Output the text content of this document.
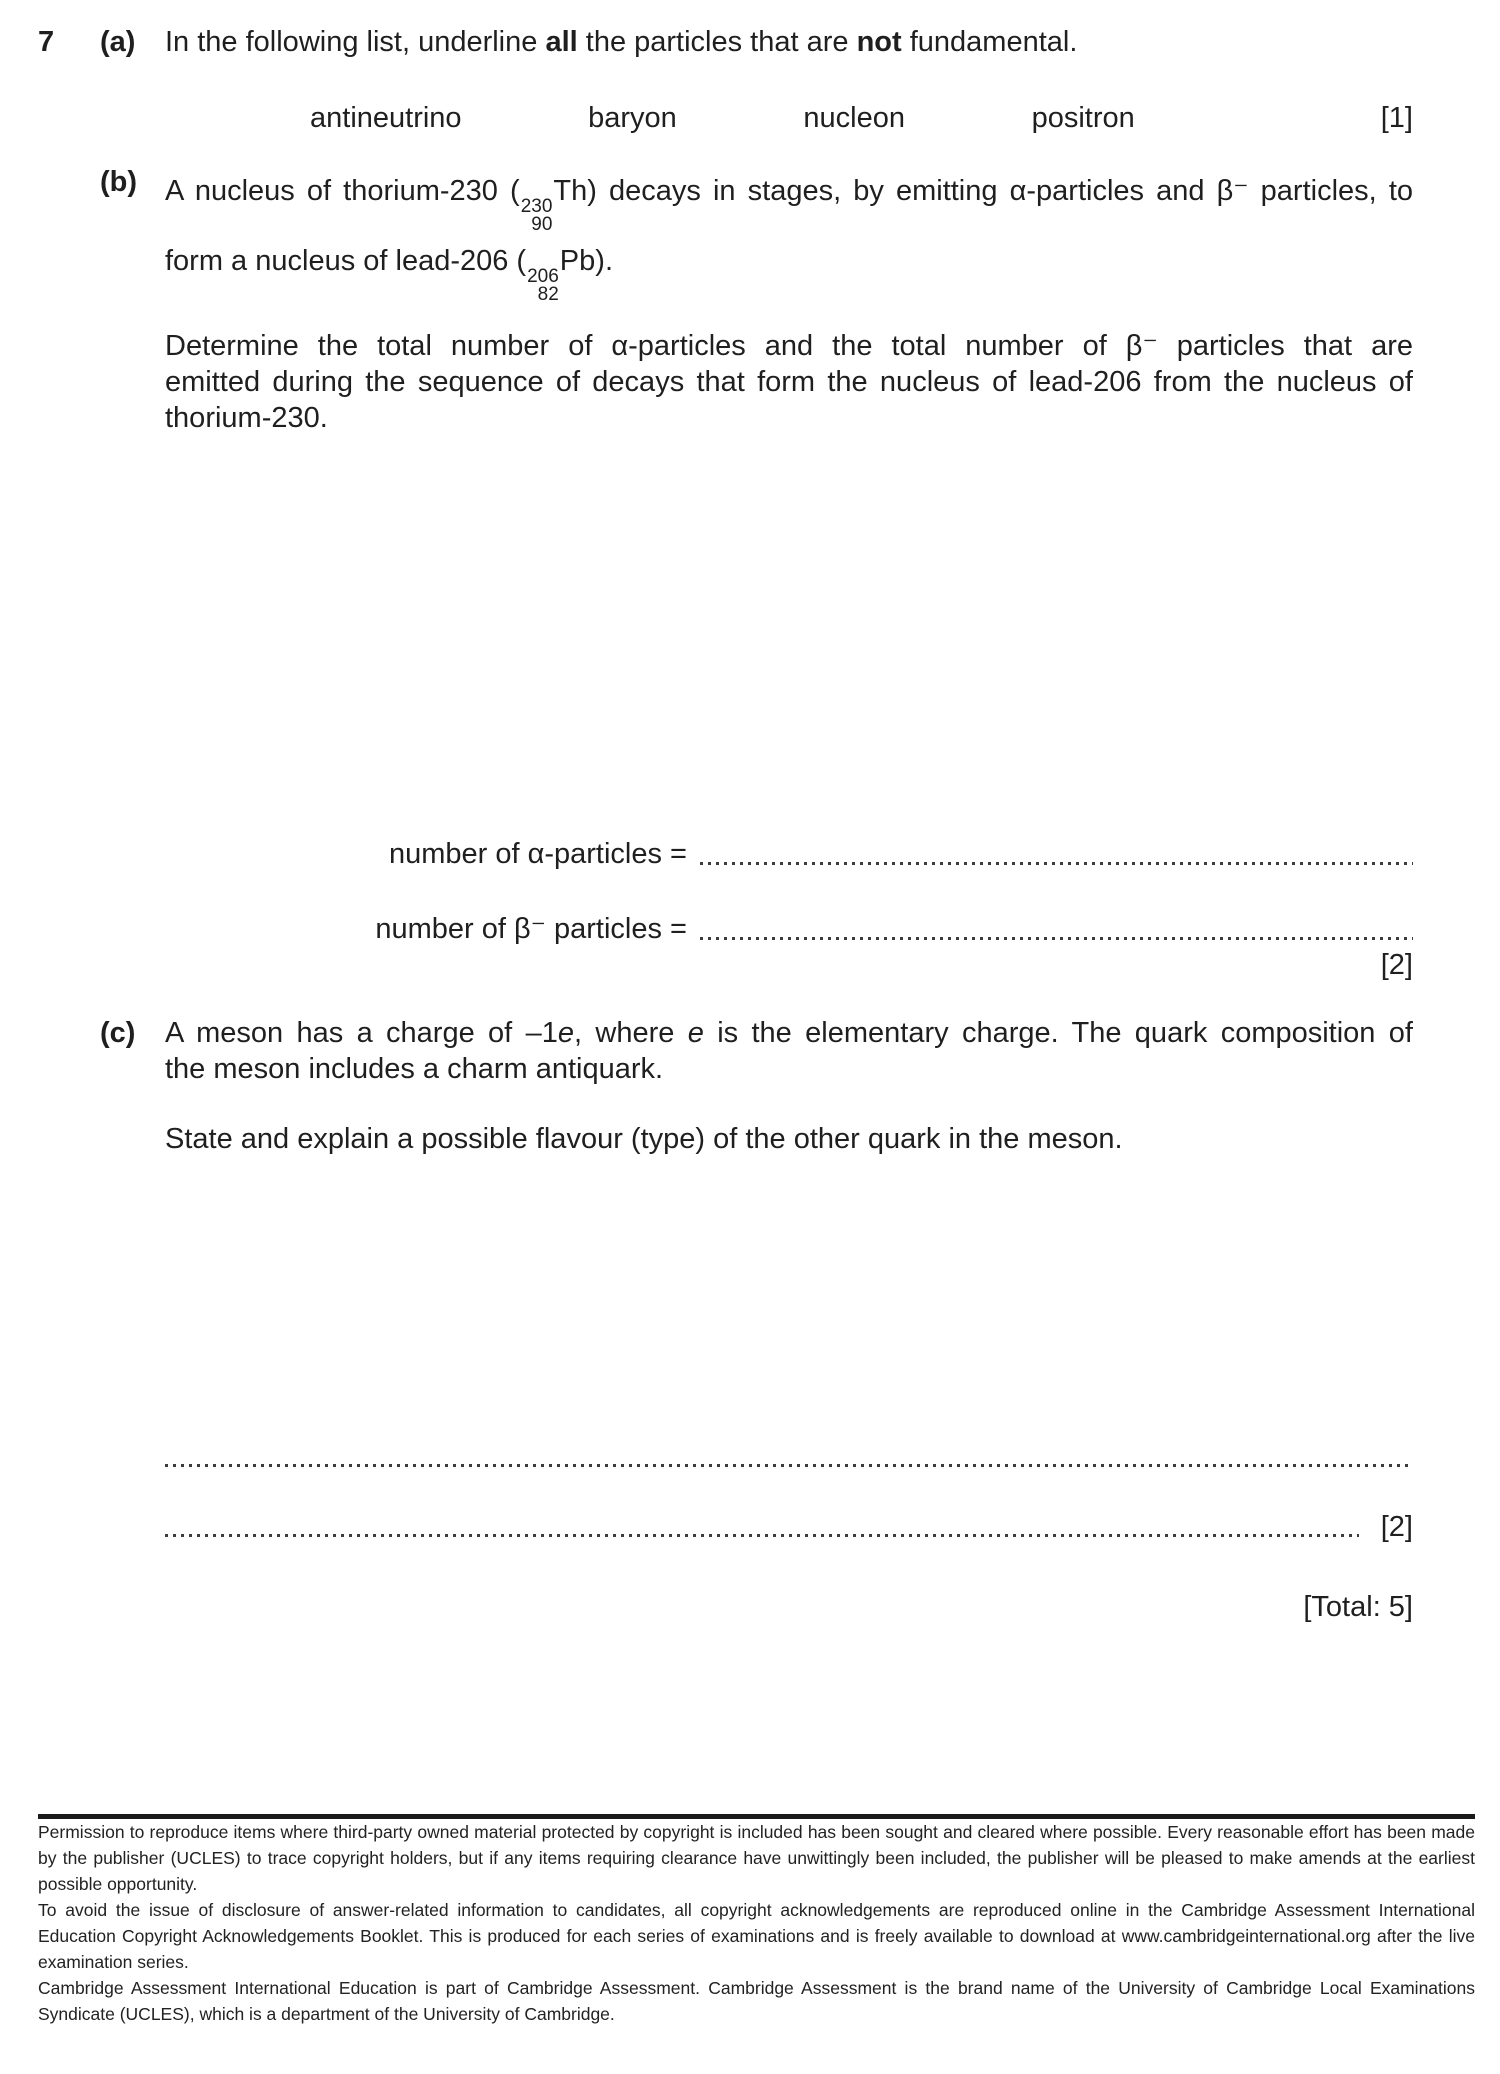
7	(a)	In the following list, underline all the particles that are not fundamental.

antineutrino	baryon	nucleon	positron	[1]
(b) A nucleus of thorium-230 ( 230
90
Th) decays in stages, by emitting α-particles and β⁻ particles, to
form a nucleus of lead-206 ( 206
82
Pb).
Determine the total number of α-particles and the total number of β⁻ particles that are
emitted during the sequence of decays that form the nucleus of lead-206 from the nucleus of
thorium-230.
number of α-particles =
number of β⁻ particles =
[2]
(c)	A meson has a charge of –1e, where e is the elementary charge. The quark composition of
the meson includes a charm antiquark.
State and explain a possible flavour (type) of the other quark in the meson.
[2]
[Total: 5]

Permission to reproduce items where third-party owned material protected by copyright is included has been sought and cleared where possible. Every reasonable effort has been made by the publisher (UCLES) to trace copyright holders, but if any items requiring clearance have unwittingly been included, the publisher will be pleased to make amends at the earliest possible opportunity.

To avoid the issue of disclosure of answer-related information to candidates, all copyright acknowledgements are reproduced online in the Cambridge Assessment International Education Copyright Acknowledgements Booklet. This is produced for each series of examinations and is freely available to download at www.cambridgeinternational.org after the live examination series.

Cambridge Assessment International Education is part of Cambridge Assessment. Cambridge Assessment is the brand name of the University of Cambridge Local Examinations Syndicate (UCLES), which is a department of the University of Cambridge.
